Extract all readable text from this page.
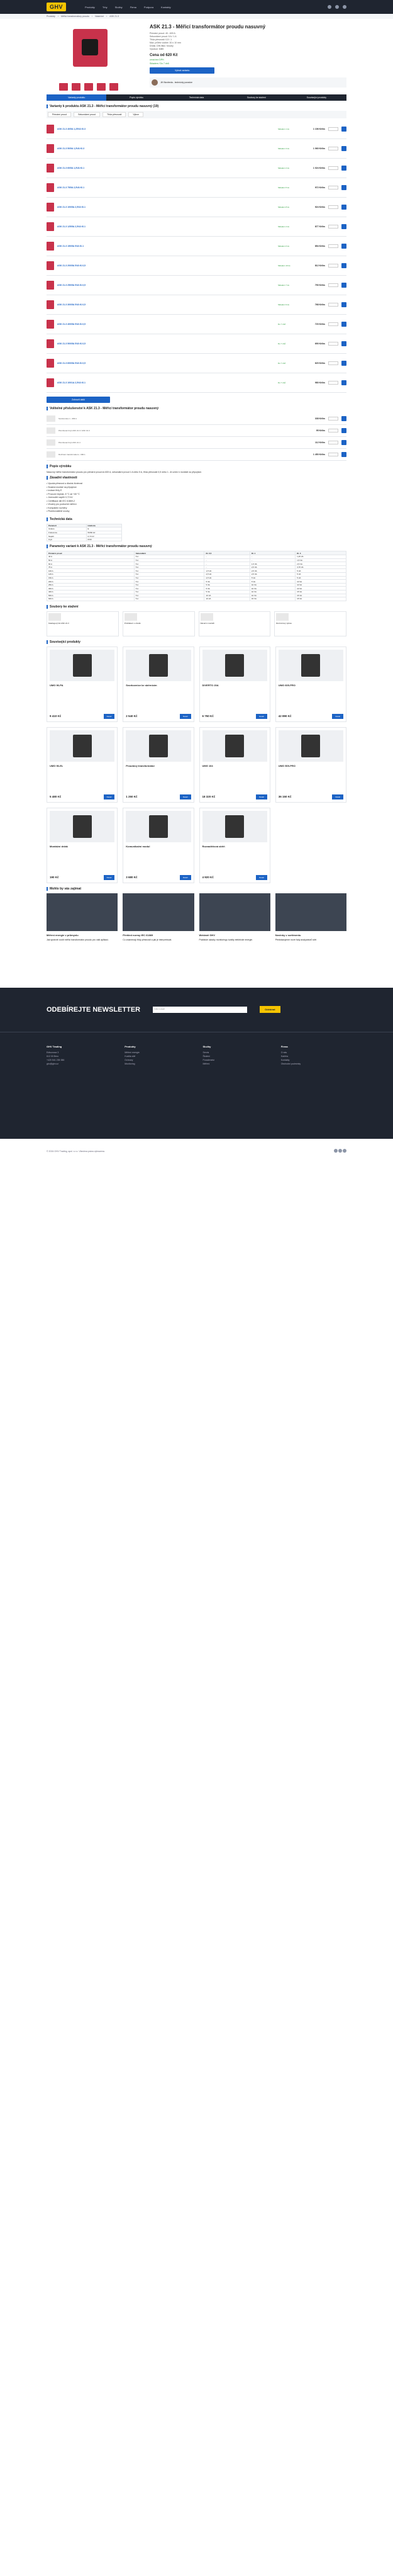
GHV	Produkty	Trhy	Služby	Firma	Podpora	Kontakty
Produkty › Měřicí transformátory proudu › Nástrčné › ASK 21.3
ASK 21.3 - Měřicí transformátor proudu nasuvný
Primární proud: 40...600 A
Sekundární proud: 5 A / 1 A
Třída přesnosti: 0,5 / 1
Max. průřez vodiče: 30 x 10 mm
Držák: DIN lišta / šrouby
Výrobce: MBS
Cena od 620 Kč
cena bez DPH
Skladem / Do 7 dnů
Vybrat variantu
Jiří Nezbeda - technický poradce
Varianty produktu	Popis výrobku	Technická data	Soubory ke stažení	Související produkty
Varianty k produktu ASK 21.3 - Měřicí transformátor proudu nasuvný (19)
Primární proud	Sekundární proud	Třída přesnosti	Výkon
ASK 21.3 40/5A 1,25VA Kl.3	Skladem 1 ks	1 106 Kč/ks
ASK 21.3 50/5A 1,5VA Kl.3	Skladem 3 ks	1 060 Kč/ks
ASK 21.3 60/5A 1,5VA Kl.1	Skladem 2 ks	1 024 Kč/ks
ASK 21.3 75/5A 2,5VA Kl.1	Skladem 5 ks	972 Kč/ks
ASK 21.3 100/5A 2,5VA Kl.1	Skladem 8 ks	924 Kč/ks
ASK 21.3 125/5A 2,5VA Kl.1	Skladem 4 ks	877 Kč/ks
ASK 21.3 150/5A 5VA Kl.1	Skladem 6 ks	854 Kč/ks
ASK 21.3 200/5A 5VA Kl.0,5	Skladem 10 ks	812 Kč/ks
ASK 21.3 250/5A 5VA Kl.0,5	Skladem 7 ks	790 Kč/ks
ASK 21.3 300/5A 5VA Kl.0,5	Skladem 9 ks	768 Kč/ks
ASK 21.3 400/5A 5VA Kl.0,5	Do 7 dnů	720 Kč/ks
ASK 21.3 500/5A 5VA Kl.0,5	Do 7 dnů	690 Kč/ks
ASK 21.3 600/5A 5VA Kl.0,5	Do 7 dnů	620 Kč/ks
ASK 21.3 100/1A 2,5VA Kl.1	Do 7 dnů	980 Kč/ks
Zobrazit další
Volitelné příslušenství k ASK 21.3 - Měřicí transformátor proudu nasuvný
Svorkovnice 1 - 080.1	338 Kč/ks
Plombovací kryt ASK 21.3 / ASK 31.3	95 Kč/ks
Plombovací kryt ASK 21.4	112 Kč/ks
Rozhraní transformátoru - 090.1	1 450 Kč/ks
Popis výrobku

Nasuvný měřicí transformátor proudu pro primární proud do 600 A, sekundární proud 1 A nebo 5 A, třída přesnosti 0,5 nebo 1. Je určen k montáži na přípojnice.

Zásadní vlastnosti
• Vysoká přesnost a dlouhá životnost
• Snadná montáž na přípojnice
• Izolace třídy E
• Provozní teplota -5 °C až +40 °C
• Jmenovité napětí 0,72 kV
• Certifikace dle IEC 61869-2
• Vhodný pro podružné měření
• Kompaktní rozměry
• Plombovatelné svorky
Technická data
Parametr	Hodnota
Izolace	E
Frekvence	50/60 Hz
Napětí	0,72 kV
Krytí	IP20
Parametry variant k ASK 21.3 - Měřicí transformátor proudu nasuvný
Primární proud	Sekundární	Kl. 0,5	Kl. 1	Kl. 3
40 A	5 A	-	-	1,25 VA
50 A	5 A	-	-	1,5 VA
60 A	5 A	-	1,5 VA	2,5 VA
75 A	5 A	-	2,5 VA	3,75 VA
100 A	5 A	1,5 VA	2,5 VA	5 VA
125 A	5 A	2,5 VA	2,5 VA	5 VA
150 A	5 A	2,5 VA	5 VA	5 VA
200 A	5 A	5 VA	5 VA	10 VA
250 A	5 A	5 VA	10 VA	10 VA
300 A	5 A	5 VA	10 VA	10 VA
400 A	5 A	5 VA	10 VA	15 VA
500 A	5 A	10 VA	10 VA	15 VA
600 A	5 A	10 VA	15 VA	15 VA
Soubory ke stažení
Katalogový list ASK 21.3	Prohlášení o shodě	Návod k montáži	Rozměrový výkres
Související produkty
UMG 96-PA
9 410 Kč	Detail
Svorkovnice ke sběrnicím
2 540 Kč	Detail
DIVERTO 20A
6 750 Kč	Detail
UMG 605-PRO
42 890 Kč	Detail
UMG 96-EL
5 480 Kč	Detail
Proudový transformátor
1 250 Kč	Detail
UMG 104
18 320 Kč	Detail
UMG 509-PRO
36 150 Kč	Detail
Montážní držák
190 Kč	Detail
Komunikační modul
3 680 Kč	Detail
Rozvaděčová skříň
4 920 Kč	Detail
Mohlo by vás zajímat
Měření energie v průmyslu

Jak správně zvolit měřicí transformátor proudu pro vaši aplikaci.

Přehled normy IEC 61869

Co znamenají třídy přesnosti a jak je interpretovat.

Webinář GHV

Praktické ukázky monitoringu kvality elektrické energie.

Novinky v sortimentu

Představujeme nové řady analyzátorů sítě.

ODEBÍREJTE NEWSLETTER	Váš e-mail	Odebírat
GHV Trading
Edisonova 3
612 00 Brno
+420 541 235 386
ghv@ghv.cz
Produkty
Měření energie
Kvalita sítě
Ochrany
Monitoring
Služby
Servis
Školení
Poradenství
Měření
Firma
O nás
Kariéra
Kontakty
Obchodní podmínky
© 2024 GHV Trading, spol. s r.o. Všechna práva vyhrazena.
